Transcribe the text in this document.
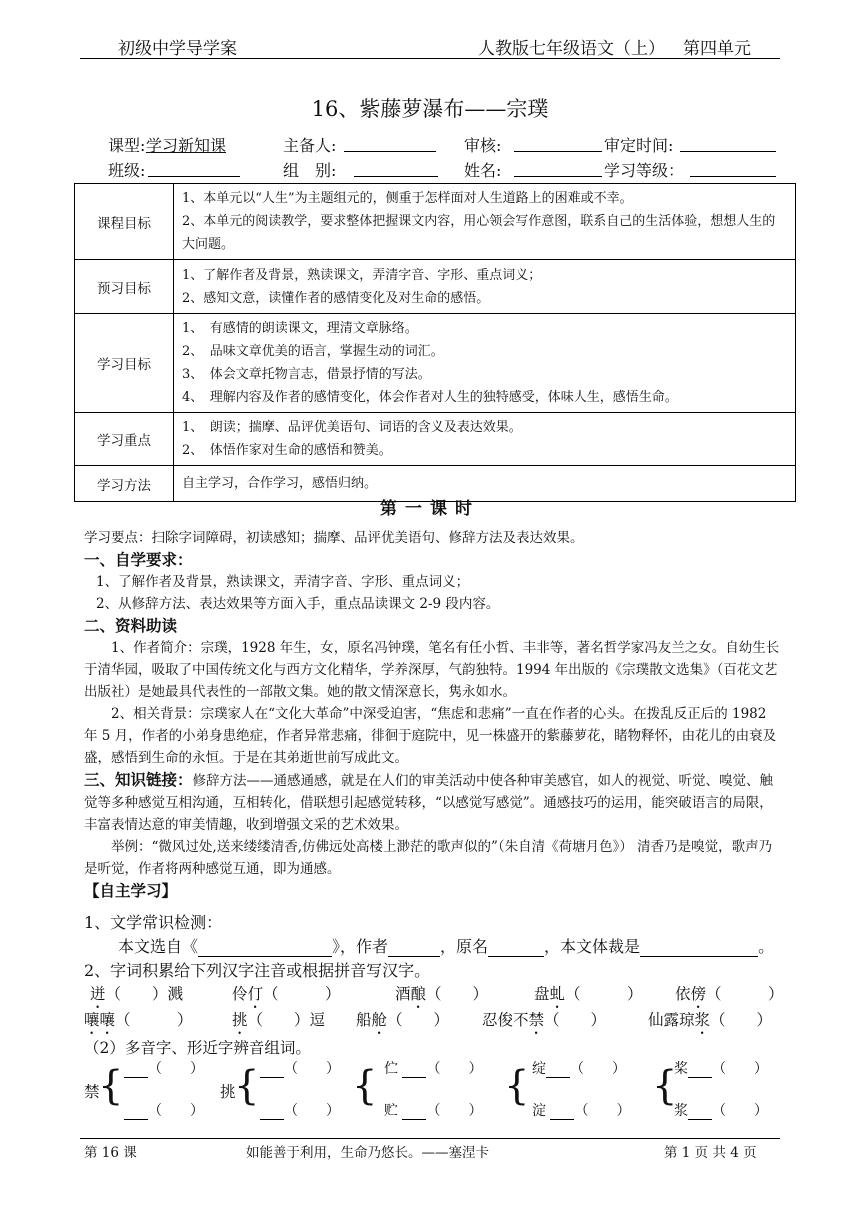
初级中学导学案	人教版七年级语文（上） 第四单元
16、紫藤萝瀑布——宗璞
课型: 学习新知课	主备人:	审核:	审定时间:
班级:	组　别:	姓名:	学习等级：
课程目标	1、本单元以“人生”为主题组元的，侧重于怎样面对人生道路上的困难或不幸。
2、本单元的阅读教学，要求整体把握课文内容，用心领会写作意图，联系自己的生活体验，想想人生的大问题。

预习目标	1、了解作者及背景，熟读课文，弄清字音、字形、重点词义；
2、感知文意，读懂作者的感情变化及对生命的感悟。

学习目标	1、　有感情的朗读课文，理清文章脉络。
2、　品味文章优美的语言，掌握生动的词汇。
3、　体会文章托物言志，借景抒情的写法。
4、　理解内容及作者的感情变化，体会作者对人生的独特感受，体味人生，感悟生命。

学习重点	1、　朗读；揣摩、品评优美语句、词语的含义及表达效果。
2、　体悟作家对生命的感悟和赞美。

学习方法	自主学习，合作学习，感悟归纳。
第一课时
学习要点：扫除字词障碍，初读感知；揣摩、品评优美语句、修辞方法及表达效果。
一、自学要求：
1、了解作者及背景，熟读课文，弄清字音、字形、重点词义；
2、从修辞方法、表达效果等方面入手，重点品读课文 2-9 段内容。
二、资料助读
1、作者简介：宗璞，1928 年生，女，原名冯钟璞，笔名有任小哲、丰非等，著名哲学家冯友兰之女。自幼生长于清华园，吸取了中国传统文化与西方文化精华，学养深厚，气韵独特。1994 年出版的《宗璞散文选集》（百花文艺出版社）是她最具代表性的一部散文集。她的散文情深意长，隽永如水。
2、相关背景：宗璞家人在“文化大革命”中深受迫害，“焦虑和悲痛”一直在作者的心头。在拨乱反正后的 1982 年 5 月，作者的小弟身患绝症，作者异常悲痛，徘徊于庭院中，见一株盛开的紫藤萝花，睹物释怀，由花儿的由衰及盛，感悟到生命的永恒。于是在其弟逝世前写成此文。
三、知识链接：修辞方法——通感通感，就是在人们的审美活动中使各种审美感官，如人的视觉、听觉、嗅觉、触觉等多种感觉互相沟通，互相转化，借联想引起感觉转移，“以感觉写感觉”。通感技巧的运用，能突破语言的局限，丰富表情达意的审美情趣，收到增强文采的艺术效果。
举例：“微风过处,送来缕缕清香,仿佛远处高楼上渺茫的歌声似的”（朱自清《荷塘月色》） 清香乃是嗅觉，歌声乃是听觉，作者将两种感觉互通，即为通感。
【自主学习】
1、文学常识检测：
本文选自《	》，作者	，原名	，本文体裁是	。
2、字词积累给下列汉字注音或根据拼音写汉字。
迸（　　）溅	伶仃（　　　）	酒酿（　　）	盘虬（　　　） 依傍（　　　）
嚷嚷（　　　）	挑（　　）逗 船舱（　　） 忍俊不禁（　　）	仙露琼浆（　　）
（2）多音字、形近字辨音组词。
禁
{	（　　）
（　　）
挑
{	（　　）
（　　）
{ 伫 （　　）
贮 （　　）
{ 绽 （　　）
淀 （　　）
{
桨 （　　）
浆 （　　）
第 16 课	如能善于利用，生命乃悠长。——塞涅卡	第 1 页 共 4 页
